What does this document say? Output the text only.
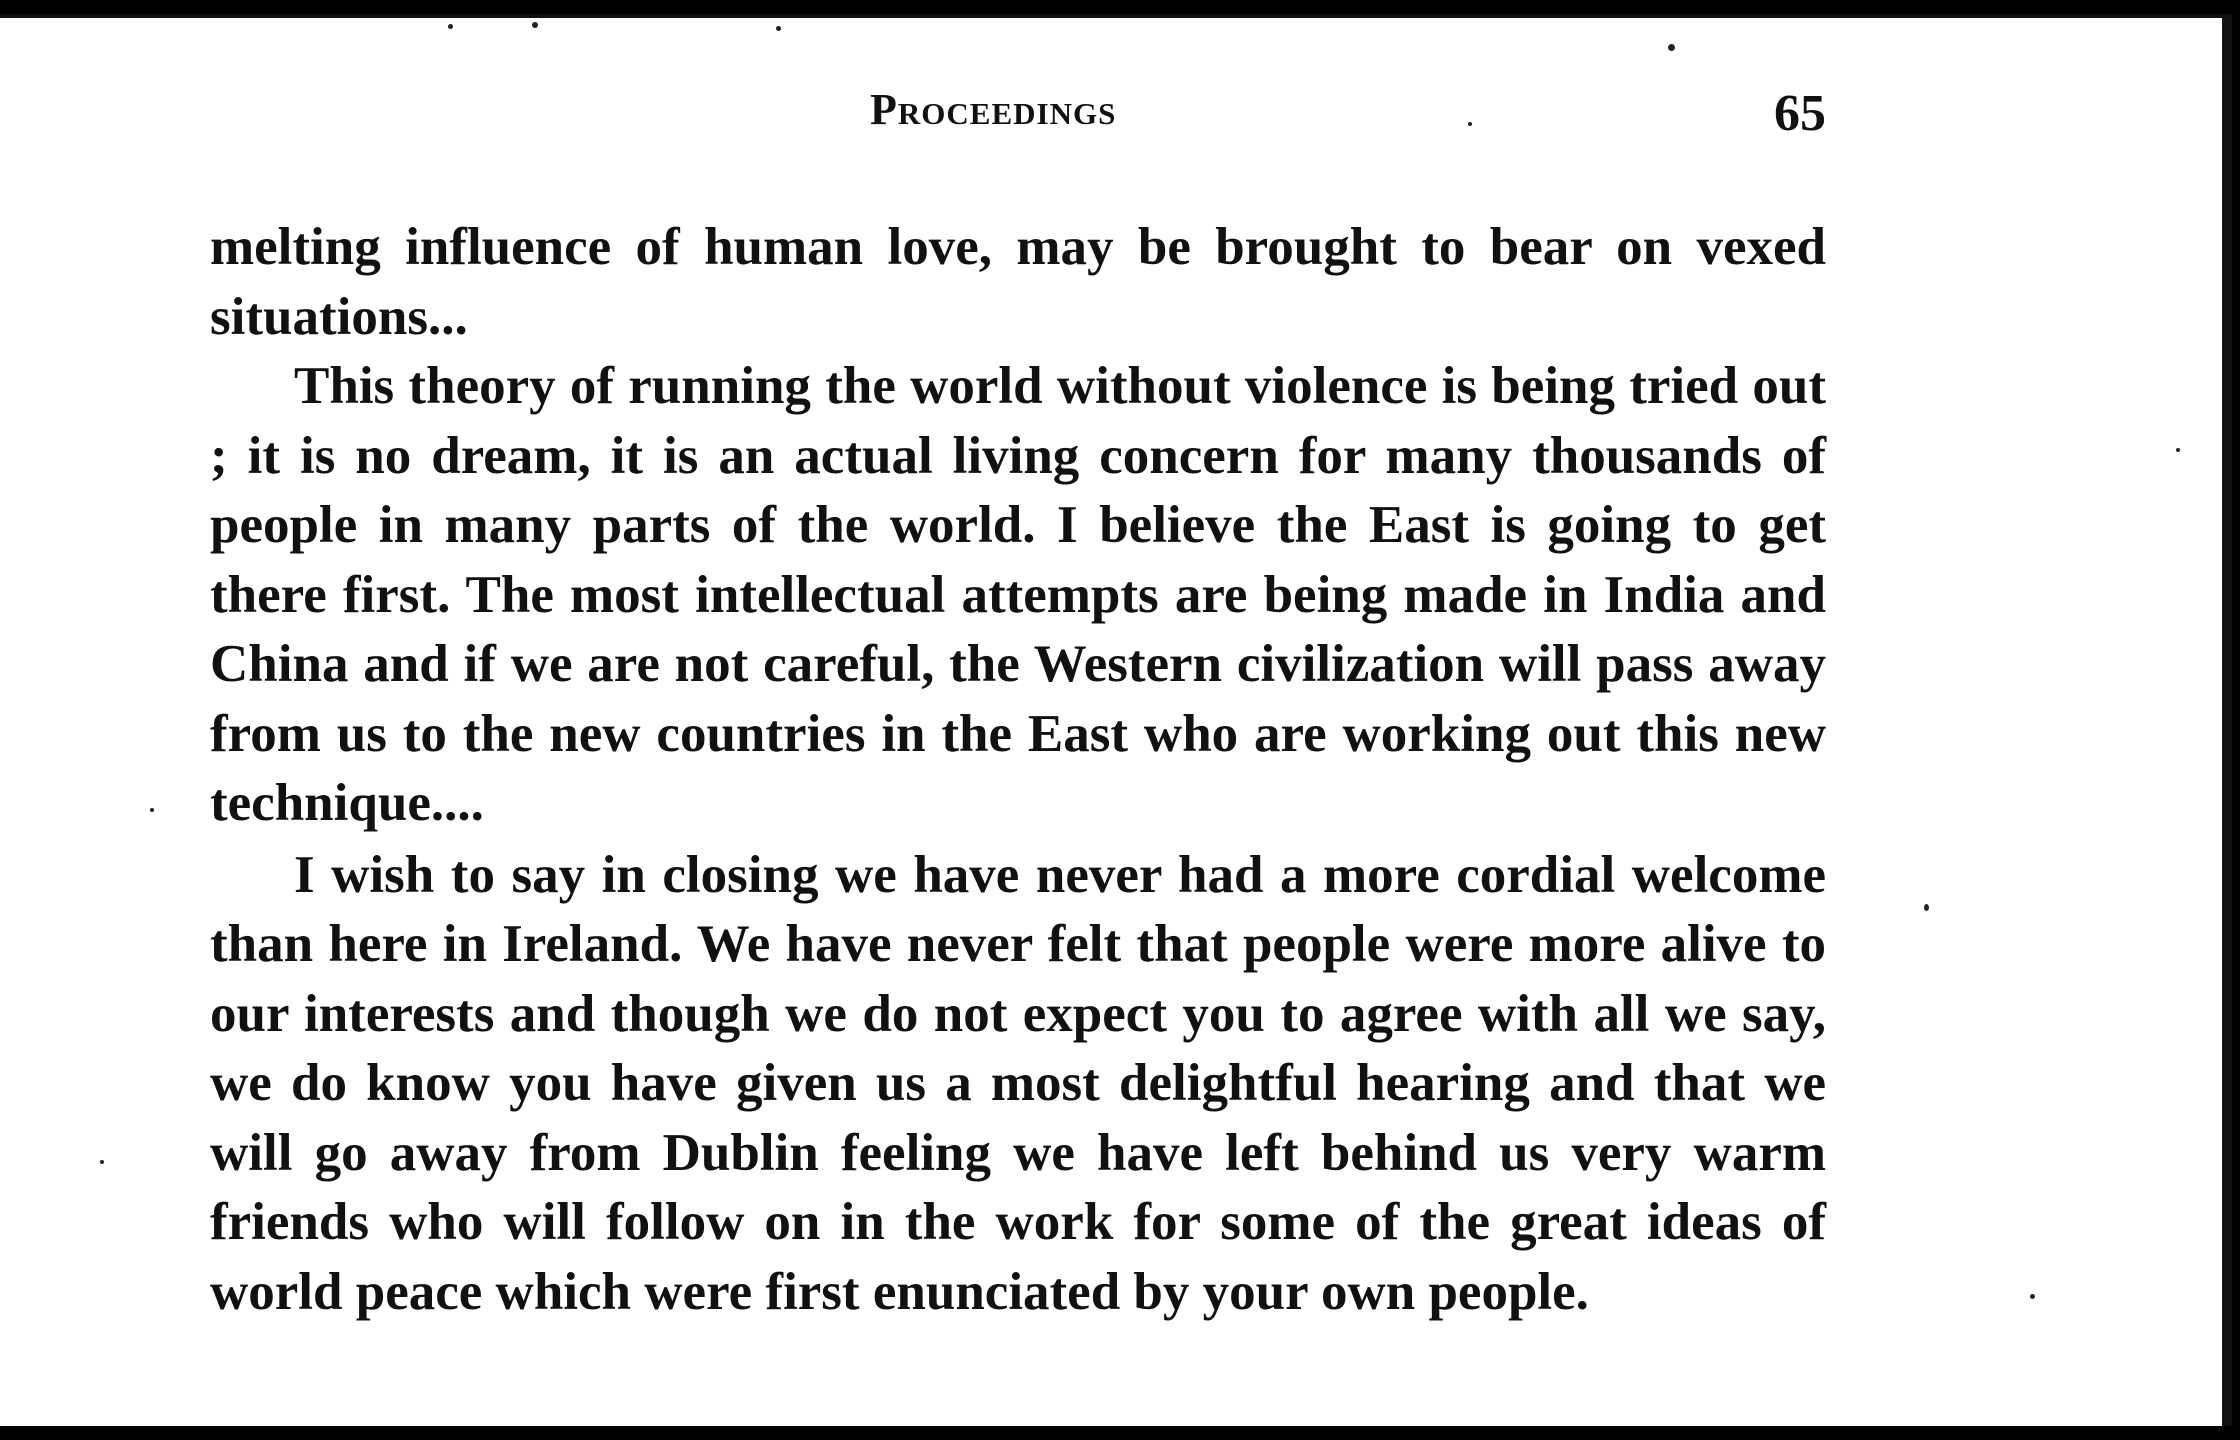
Proceedings	65

melting influence of human love, may be brought to bear on vexed situations...

This theory of running the world without violence is being tried out ; it is no dream, it is an actual living concern for many thousands of people in many parts of the world. I believe the East is going to get there first. The most intellectual attempts are being made in India and China and if we are not careful, the Western civilization will pass away from us to the new countries in the East who are working out this new technique....

I wish to say in closing we have never had a more cordial welcome than here in Ireland. We have never felt that people were more alive to our interests and though we do not expect you to agree with all we say, we do know you have given us a most delightful hearing and that we will go away from Dublin feeling we have left behind us very warm friends who will follow on in the work for some of the great ideas of world peace which were first enunciated by your own people.
